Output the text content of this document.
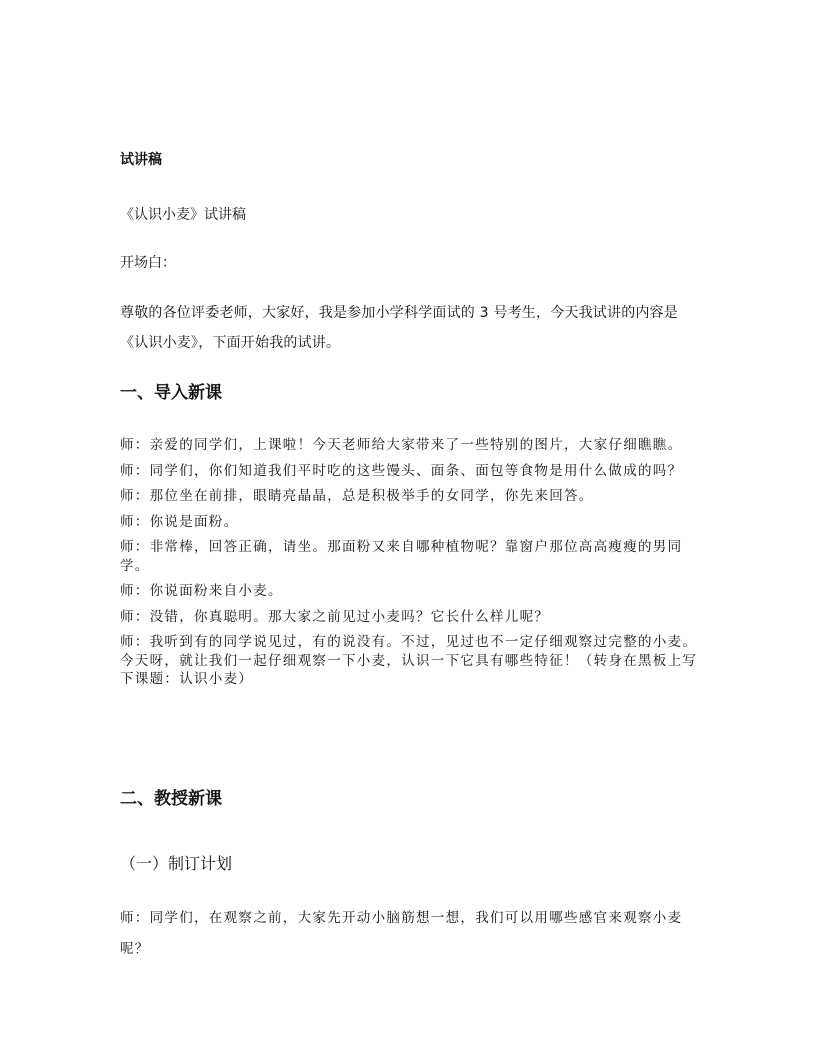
试讲稿
《认识小麦》试讲稿
开场白：
尊敬的各位评委老师，大家好，我是参加小学科学面试的 3 号考生，今天我试讲的内容是《认识小麦》，下面开始我的试讲。
一、导入新课
师：亲爱的同学们，上课啦！今天老师给大家带来了一些特别的图片，大家仔细瞧瞧。
师：同学们，你们知道我们平时吃的这些馒头、面条、面包等食物是用什么做成的吗？
师：那位坐在前排，眼睛亮晶晶，总是积极举手的女同学，你先来回答。
师：你说是面粉。
师：非常棒，回答正确，请坐。那面粉又来自哪种植物呢？靠窗户那位高高瘦瘦的男同学。
师：你说面粉来自小麦。
师：没错，你真聪明。那大家之前见过小麦吗？它长什么样儿呢？
师：我听到有的同学说见过，有的说没有。不过，见过也不一定仔细观察过完整的小麦。今天呀，就让我们一起仔细观察一下小麦，认识一下它具有哪些特征！（转身在黑板上写下课题：认识小麦）
二、教授新课
（一）制订计划
师：同学们，在观察之前，大家先开动小脑筋想一想，我们可以用哪些感官来观察小麦呢？
